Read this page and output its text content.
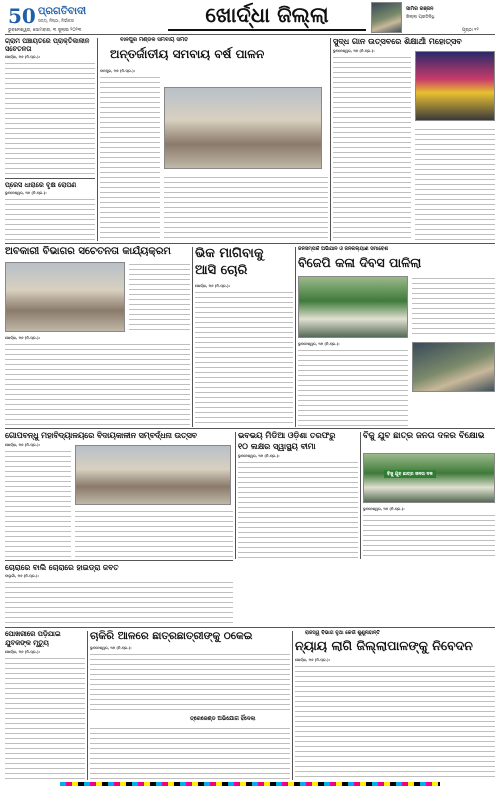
50 ପ୍ରଗତିବାଦୀ
ସତ୍ୟ, ନିଷ୍ଠା, ନିର୍ଭୀକତା
ଭୁବନେଶ୍ୱର, ସୋମବାର, ୩ ଜୁଲାଇ ୨୦୨୩
ଖୋର୍ଦ୍ଧା ଜିଲ୍ଲା	ସାମିର ରଞ୍ଜନ
ଜିଲ୍ଲା ପ୍ରତିନିଧି
ପୃଷ୍ଠା ୧୨
ଗ୍ରାମ ପଞ୍ଚାୟତରେ ପ୍ରାକ୍ତିକାଳୀନ ସଚେତନତା
ଖୋର୍ଦ୍ଧା, ୨ା୭ (ନି.ପ୍ର.):
ପ୍ରେସ ଧାରାରେ ବୃକ୍ଷ ରୋପଣ
ଭୁବନେଶ୍ୱର, ୨ା୭ (ନି.ପ୍ର.):
ବାନପୁର ମଣ୍ଡଳ ସମବାୟ ସମିତି
ଅନ୍ତର୍ଜାତୀୟ ସମବାୟ ବର୍ଷ ପାଳନ
ବାନପୁର, ୨ା୭ (ନି.ପ୍ର.):
ସୁଦ୍ଧ ଗାନ ଉତ୍ସବରେ ଶିକ୍ଷାର୍ଥୀ ମହୋତ୍ସବ
ଭୁବନେଶ୍ୱର, ୨ା୭ (ନି.ପ୍ର.):
ଅବକାରୀ ବିଭାଗର ସଚେତନତା କାର୍ଯ୍ୟକ୍ରମ
ଖୋର୍ଦ୍ଧା, ୨ା୭ (ନି.ପ୍ର.):
ଭିକ ମାଗିବାକୁ
ଆସି ଚୋରି
ଖୋର୍ଦ୍ଧା, ୨ା୭ (ନି.ପ୍ର.):
ଜନସମ୍ପର୍କ ଅଭିଯାନ ଓ ଜନକଲ୍ୟାଣ ସମାବେଶ
ବିଜେପି କଳା ଦିବସ ପାଳିଲା
ଭୁବନେଶ୍ୱର, ୨ା୭ (ନି.ପ୍ର.):
ଗୋପବନ୍ଧୁ ମହାବିଦ୍ୟାଳୟରେ ବିଦାୟକାଳୀନ ସମ୍ବର୍ଦ୍ଧନା ଉତ୍ସବ
ଖୋର୍ଦ୍ଧା, ୨ା୭ (ନି.ପ୍ର.):
ଭବଭୟ ମିଡିଆ ଓଡ଼ିଶା ତରଫରୁ
୧୦ ଲକ୍ଷର ସ୍ୱାସ୍ଥ୍ୟ ବୀମା
ଭୁବନେଶ୍ୱର, ୨ା୭ (ନି.ପ୍ର.):
ବିଜୁ ଯୁବ ଛାତ୍ର ଜନତା ଦଳର ବିକ୍ଷୋଭ
ବିଜୁ ଯୁବ ଛାତ୍ର ଜନତା ଦଳ
ଭୁବନେଶ୍ୱର, ୨ା୭ (ନି.ପ୍ର.):
ଚୋରାରେ ବାଲି ଚୋରାରେ ହାଇଡ୍ରା ଜବତ
ବାଲୁଗାଁ, ୨ା୭ (ନି.ପ୍ର.):
ପୋଖରୀରେ ପଡ଼ିଯାଇ
ଯୁବକଙ୍କ ମୃତ୍ୟୁ
ଖୋର୍ଦ୍ଧା, ୨ା୭ (ନି.ପ୍ର.):
ଚାକିରି ଆଳରେ ଛାତ୍ରଛାତ୍ରୀଙ୍କୁ ଠକେଇ
ଭୁବନେଶ୍ୱର, ୨ା୭ (ନି.ପ୍ର.):
ତ୍ରେଜେଣ୍ଡ ଅଭିଯୋଗ ହିଁଦେଲା
ରାଜସ୍ୱ ବିଭାଗ ବୃଥା କେଉଁ ଶୁଣୁନାହାନ୍ତି
ନ୍ୟାୟ ଲାଗି ଜିଲ୍ଲାପାଳଙ୍କୁ ନିବେଦନ
ଖୋର୍ଦ୍ଧା, ୨ା୭ (ନି.ପ୍ର.):
